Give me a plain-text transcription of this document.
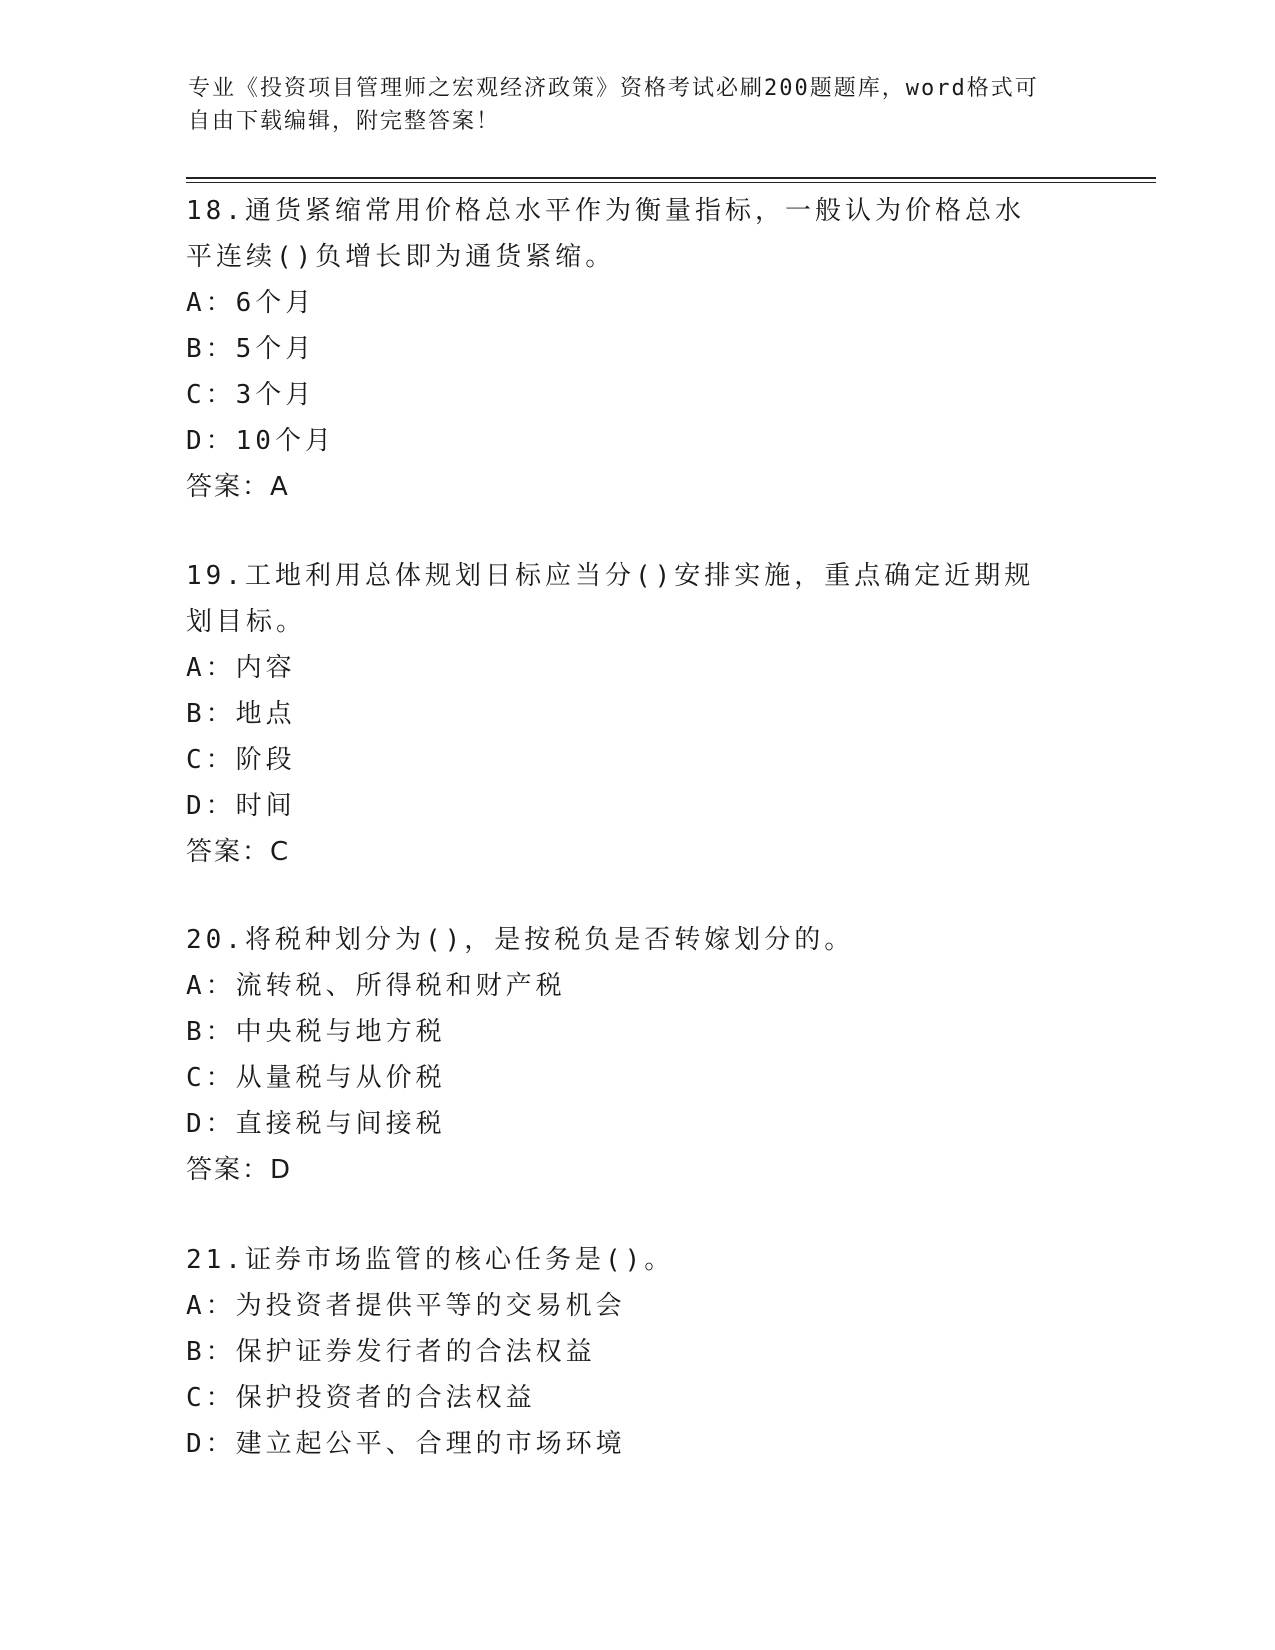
专业《投资项目管理师之宏观经济政策》资格考试必刷200题题库，word格式可
自由下载编辑，附完整答案！

18.通货紧缩常用价格总水平作为衡量指标，一般认为价格总水平连续()负增长即为通货紧缩。

A：6个月

B：5个月

C：3个月

D：10个月

答案：A

19.工地利用总体规划日标应当分()安排实施，重点确定近期规划目标。

A：内容

B：地点

C：阶段

D：时间

答案：C

20.将税种划分为()，是按税负是否转嫁划分的。

A：流转税、所得税和财产税

B：中央税与地方税

C：从量税与从价税

D：直接税与间接税

答案：D

21.证券市场监管的核心任务是()。

A：为投资者提供平等的交易机会

B：保护证券发行者的合法权益

C：保护投资者的合法权益

D：建立起公平、合理的市场环境
